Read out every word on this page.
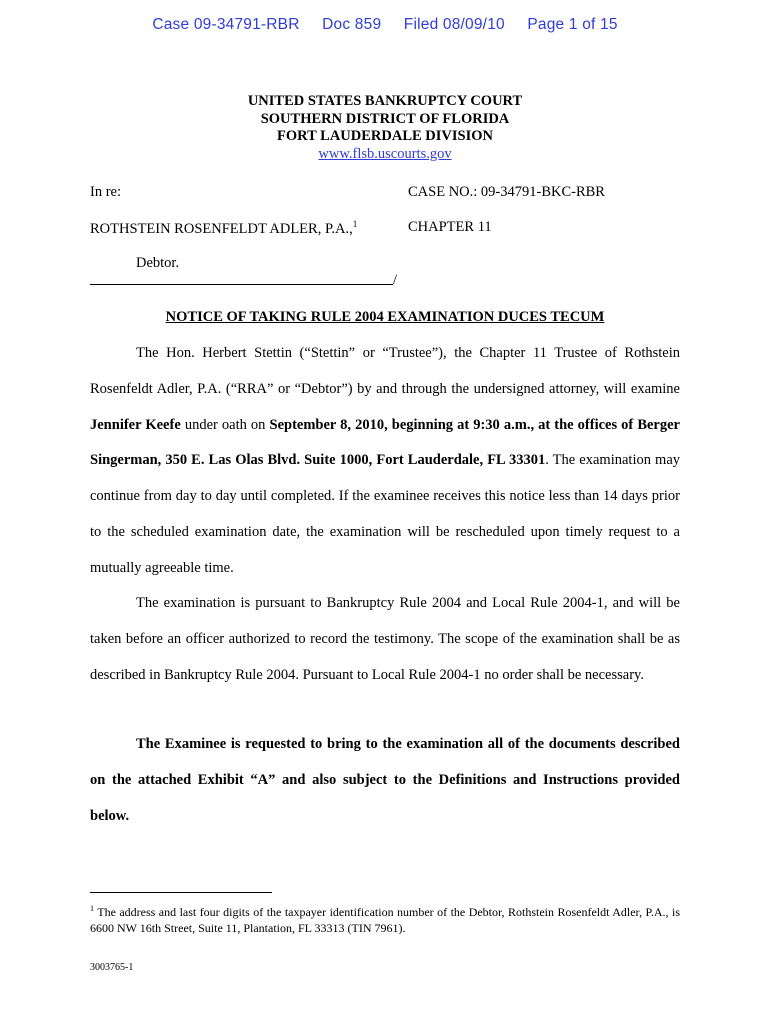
Case 09-34791-RBR Doc 859 Filed 08/09/10 Page 1 of 15
UNITED STATES BANKRUPTCY COURT
SOUTHERN DISTRICT OF FLORIDA
FORT LAUDERDALE DIVISION
www.flsb.uscourts.gov
In re:	CASE NO.: 09-34791-BKC-RBR
ROTHSTEIN ROSENFELDT ADLER, P.A.,$^1$	CHAPTER 11
Debtor.
/
NOTICE OF TAKING RULE 2004 EXAMINATION DUCES TECUM

The Hon. Herbert Stettin (“Stettin” or “Trustee”), the Chapter 11 Trustee of Rothstein Rosenfeldt Adler, P.A. (“RRA” or “Debtor”) by and through the undersigned attorney, will examine Jennifer Keefe under oath on September 8, 2010, beginning at 9:30 a.m., at the offices of Berger Singerman, 350 E. Las Olas Blvd. Suite 1000, Fort Lauderdale, FL 33301. The examination may continue from day to day until completed. If the examinee receives this notice less than 14 days prior to the scheduled examination date, the examination will be rescheduled upon timely request to a mutually agreeable time.

The examination is pursuant to Bankruptcy Rule 2004 and Local Rule 2004-1, and will be taken before an officer authorized to record the testimony. The scope of the examination shall be as described in Bankruptcy Rule 2004. Pursuant to Local Rule 2004-1 no order shall be necessary.

The Examinee is requested to bring to the examination all of the documents described on the attached Exhibit “A” and also subject to the Definitions and Instructions provided below.

$^1$ The address and last four digits of the taxpayer identification number of the Debtor, Rothstein Rosenfeldt Adler, P.A., is 6600 NW 16th Street, Suite 11, Plantation, FL 33313 (TIN 7961).
3003765-1
